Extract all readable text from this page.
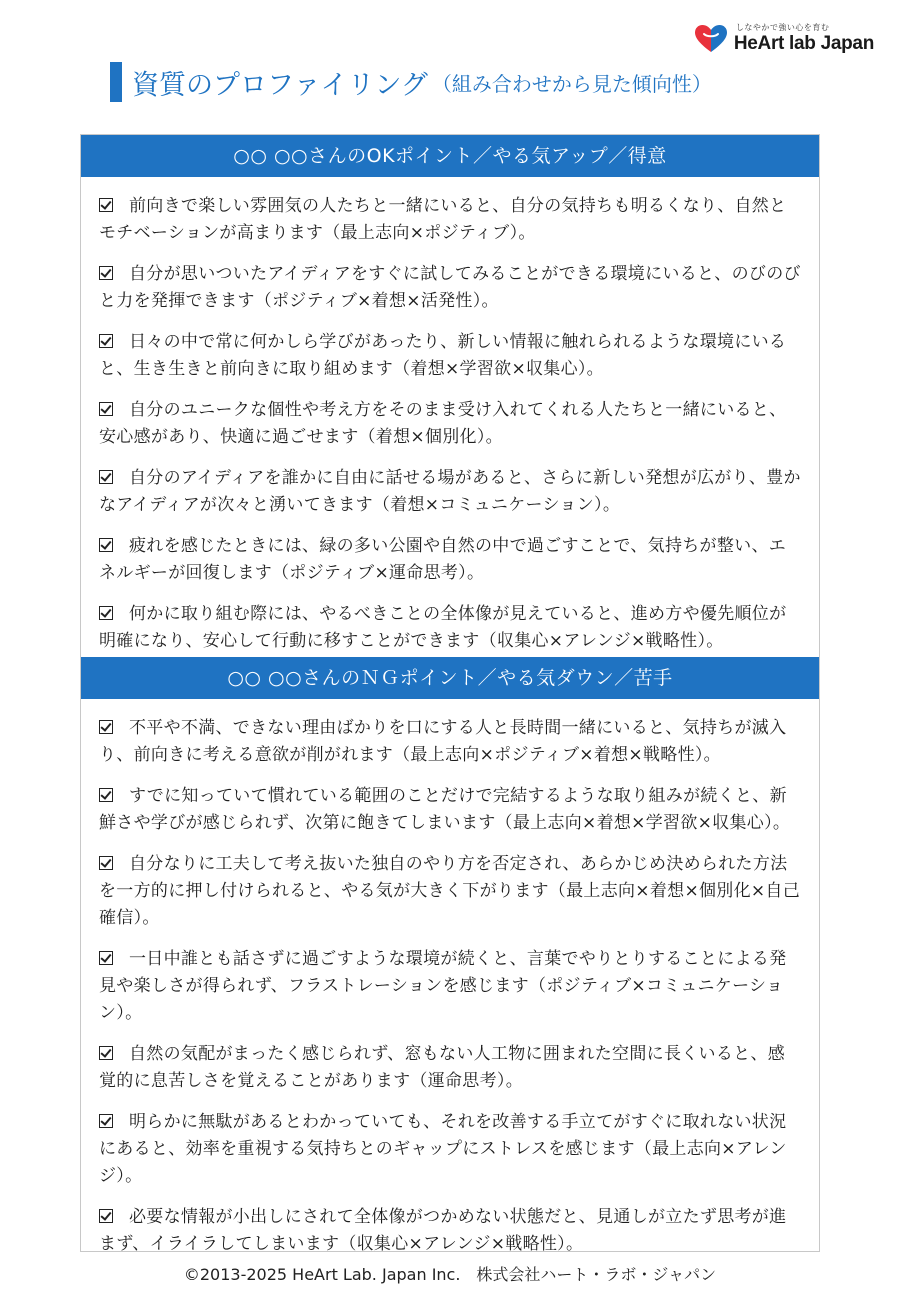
しなやかで強い心を育む
HeArt lab Japan
資質のプロファイリング （組み合わせから見た傾向性）
○○ ○○さんのOKポイント／やる気アップ／得意
前向きで楽しい雰囲気の人たちと一緒にいると、自分の気持ちも明るくなり、自然とモチベーションが高まります（最上志向×ポジティブ）。
自分が思いついたアイディアをすぐに試してみることができる環境にいると、のびのびと力を発揮できます（ポジティブ×着想×活発性）。
日々の中で常に何かしら学びがあったり、新しい情報に触れられるような環境にいると、生き生きと前向きに取り組めます（着想×学習欲×収集心）。
自分のユニークな個性や考え方をそのまま受け入れてくれる人たちと一緒にいると、安心感があり、快適に過ごせます（着想×個別化）。
自分のアイディアを誰かに自由に話せる場があると、さらに新しい発想が広がり、豊かなアイディアが次々と湧いてきます（着想×コミュニケーション）。
疲れを感じたときには、緑の多い公園や自然の中で過ごすことで、気持ちが整い、エネルギーが回復します（ポジティブ×運命思考）。
何かに取り組む際には、やるべきことの全体像が見えていると、進め方や優先順位が明確になり、安心して行動に移すことができます（収集心×アレンジ×戦略性）。
○○ ○○さんのＮＧポイント／やる気ダウン／苦手
不平や不満、できない理由ばかりを口にする人と長時間一緒にいると、気持ちが滅入り、前向きに考える意欲が削がれます（最上志向×ポジティブ×着想×戦略性）。
すでに知っていて慣れている範囲のことだけで完結するような取り組みが続くと、新鮮さや学びが感じられず、次第に飽きてしまいます（最上志向×着想×学習欲×収集心）。
自分なりに工夫して考え抜いた独自のやり方を否定され、あらかじめ決められた方法を一方的に押し付けられると、やる気が大きく下がります（最上志向×着想×個別化×自己確信）。
一日中誰とも話さずに過ごすような環境が続くと、言葉でやりとりすることによる発見や楽しさが得られず、フラストレーションを感じます（ポジティブ×コミュニケーション）。
自然の気配がまったく感じられず、窓もない人工物に囲まれた空間に長くいると、感覚的に息苦しさを覚えることがあります（運命思考）。
明らかに無駄があるとわかっていても、それを改善する手立てがすぐに取れない状況にあると、効率を重視する気持ちとのギャップにストレスを感じます（最上志向×アレンジ）。
必要な情報が小出しにされて全体像がつかめない状態だと、見通しが立たず思考が進まず、イライラしてしまいます（収集心×アレンジ×戦略性）。
©2013-2025 HeArt Lab. Japan Inc.　株式会社ハート・ラボ・ジャパン
